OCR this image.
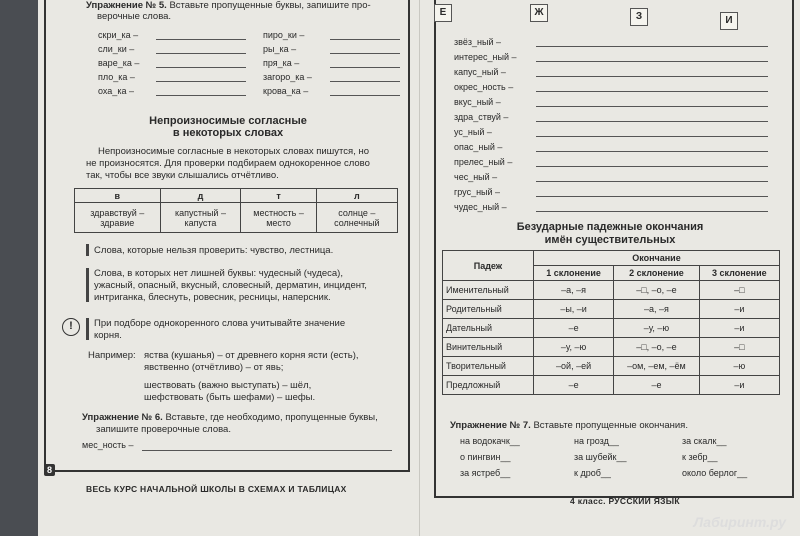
Упражнение № 5. Вставьте пропущенные буквы, запишите про-
верочные слова.
скри_ка –
сли_ки –
варе_ка –
пло_ка –
оха_ка –
пиро_ки –
ры_ка –
пря_ка –
загоро_ка –
крова_ка –
Непроизносимые согласные
в некоторых словах
Непроизносимые согласные в некоторых словах пишутся, но
не произносятся. Для проверки подбираем однокоренное слово
так, чтобы все звуки слышались отчётливо.
в	д	т	л
здравствуй – здравие	капустный – капуста	местность – место	солнце – солнечный
Слова, которые нельзя проверить: чувство, лестница.
Слова, в которых нет лишней буквы: чудесный (чудеса),
ужасный, опасный, вкусный, словесный, дерматин, инцидент,
интриганка, блеснуть, ровесник, ресницы, наперсник.
!	При подборе однокоренного слова учитывайте значение
корня.
Например: яства (кушанья) – от древнего корня ясти (есть),
явственно (отчётливо) – от явь;
шествовать (важно выступать) – шёл,
шефствовать (быть шефами) – шефы.
Упражнение № 6. Вставьте, где необходимо, пропущенные буквы,
запишите проверочные слова.
мес_ность –
8
ВЕСЬ КУРС НАЧАЛЬНОЙ ШКОЛЫ В СХЕМАХ И ТАБЛИЦАХ
Е	Ж	З	И
звёз_ный –
интерес_ный –
капус_ный –
окрес_ность –
вкус_ный –
здра_ствуй –
ус_ный –
опас_ный –
прелес_ный –
чес_ный –
грус_ный –
чудес_ный –
Безударные падежные окончания
имён существительных
Падеж	Окончание		
	1 склонение	2 склонение	3 склонение
Именительный	–а, –я	–□, –о, –е	–□
Родительный	–ы, –и	–а, –я	–и
Дательный	–е	–у, –ю	–и
Винительный	–у, –ю	–□, –о, –е	–□
Творительный	–ой, –ей	–ом, –ем, –ём	–ю
Предложный	–е	–е	–и
Упражнение № 7. Вставьте пропущенные окончания.
на водокачк__
о пингвин__
за ястреб__
на грозд__
за шубейк__
к дроб__
за скалк__
к зебр__
около берлог__
4 класс. РУССКИЙ ЯЗЫК
Лабиринт.ру
